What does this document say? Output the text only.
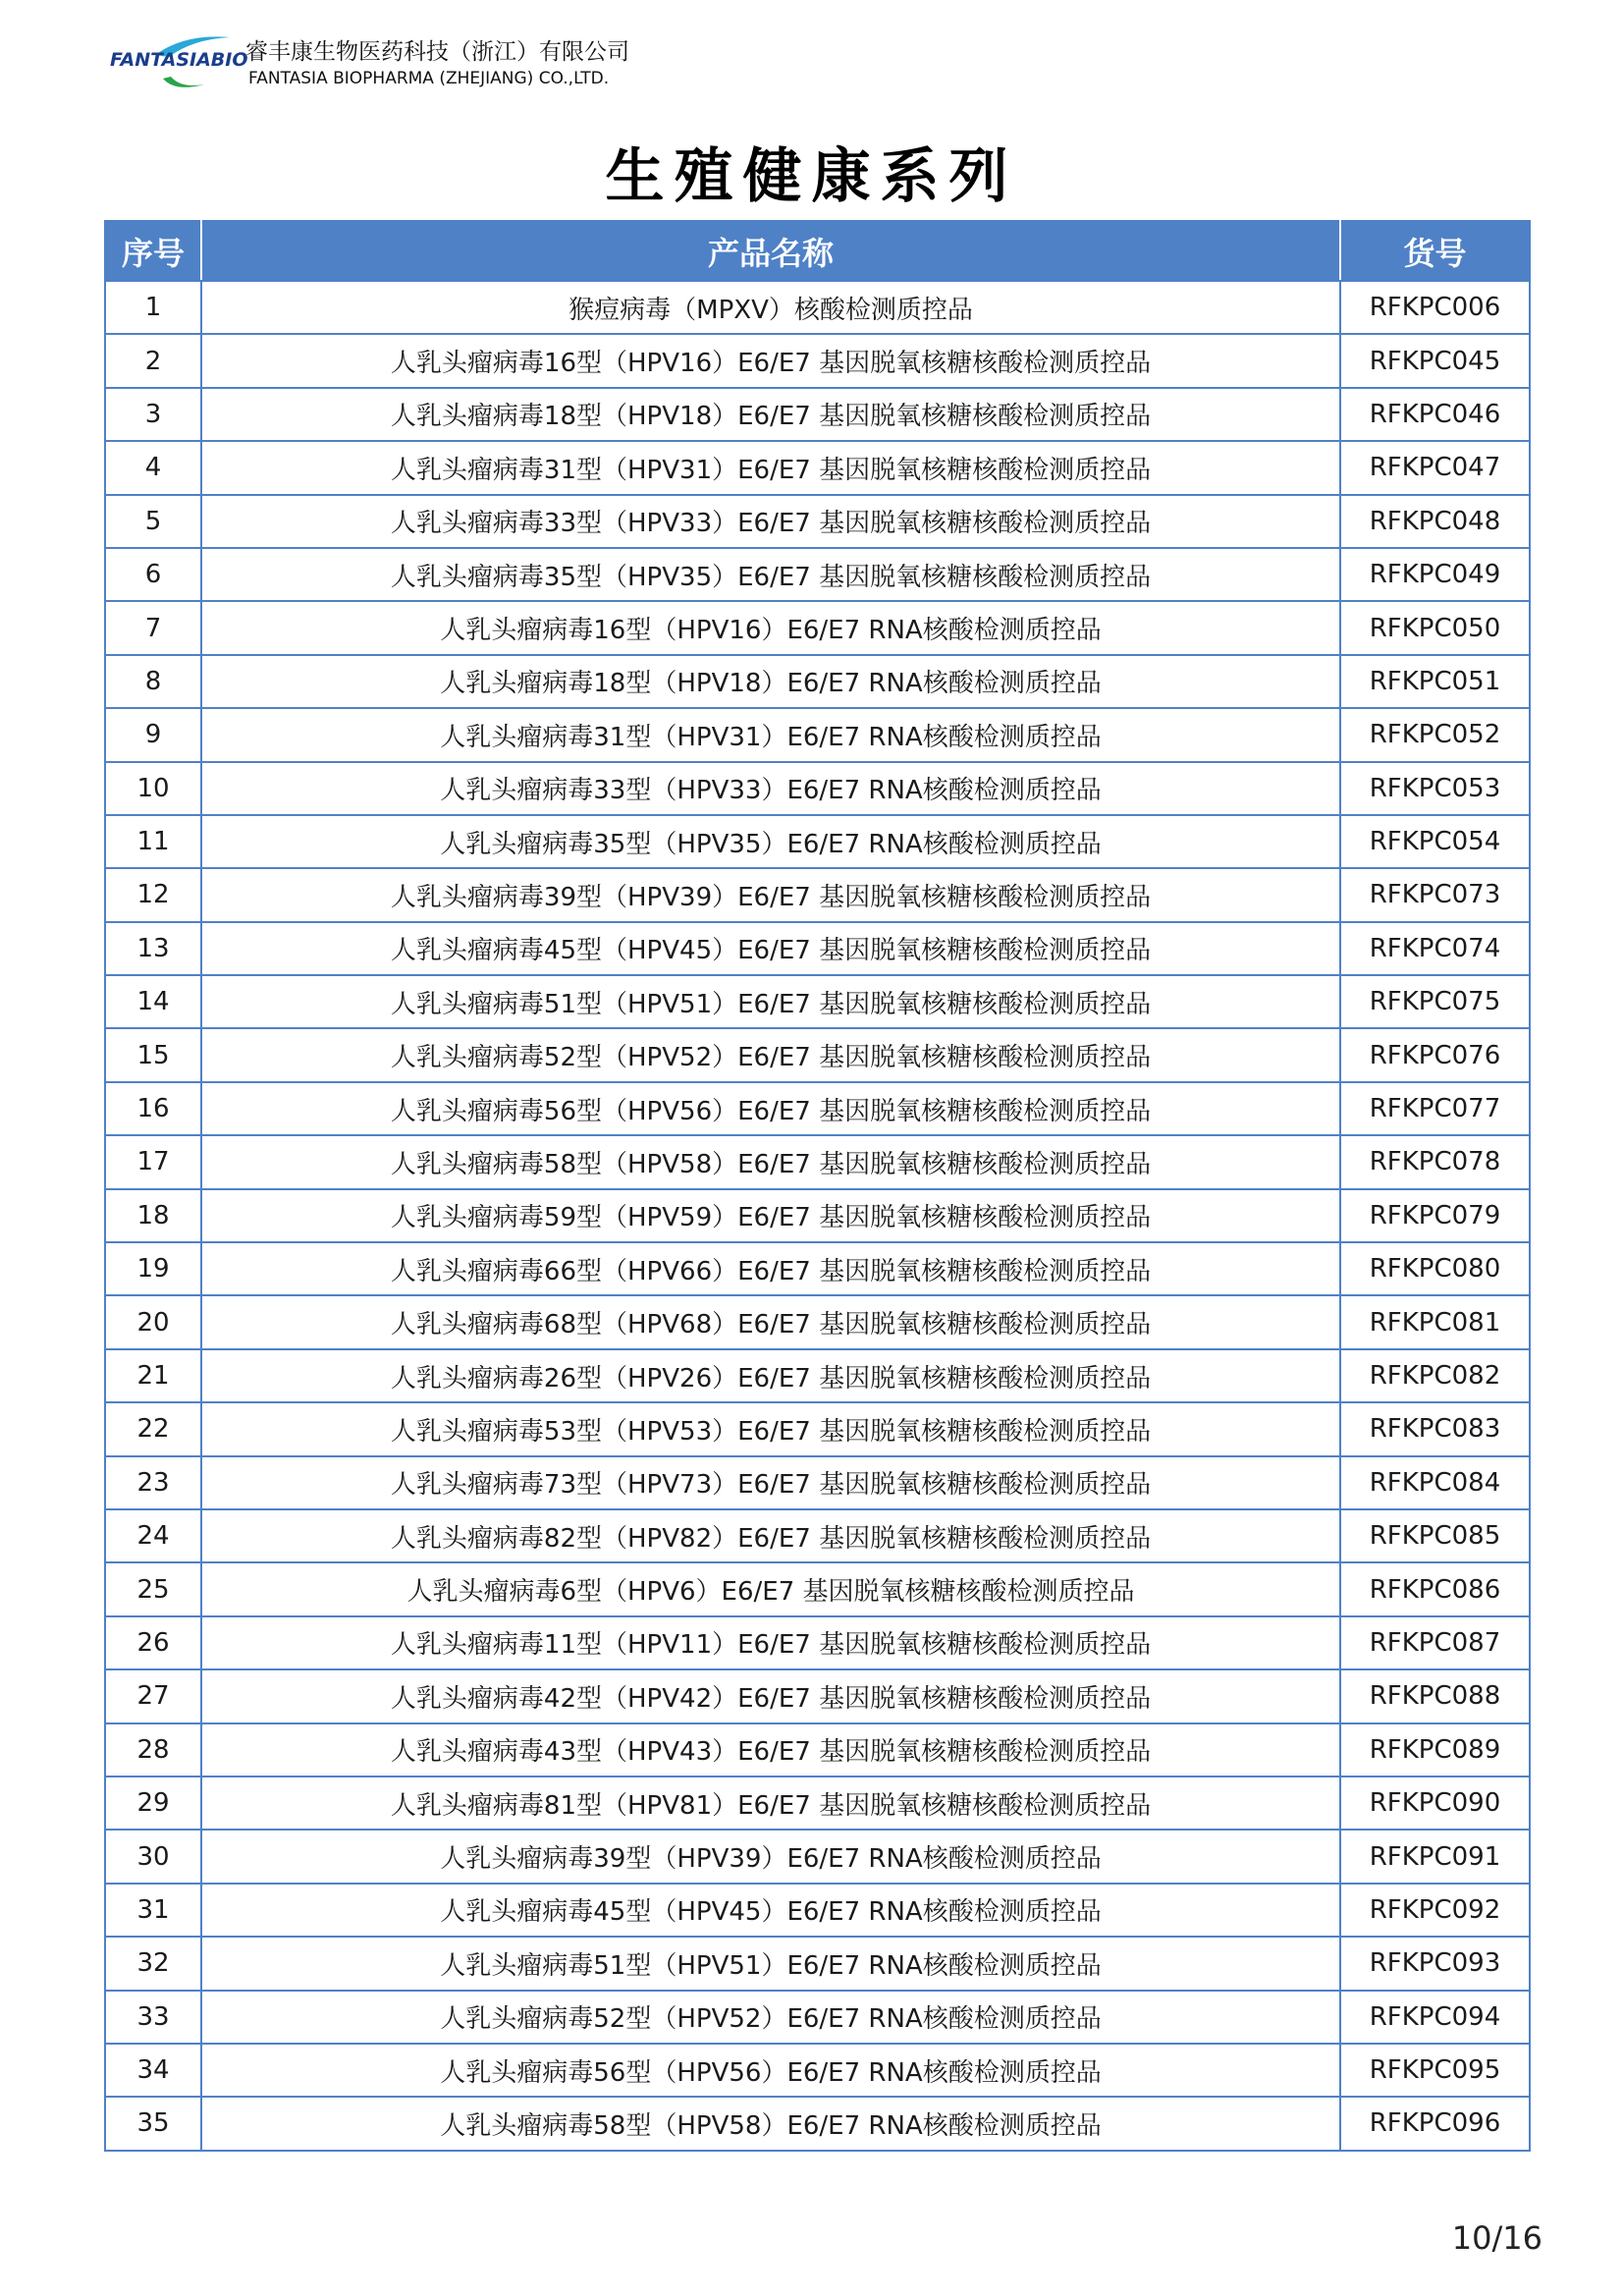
FANTASIABIO
睿丰康生物医药科技（浙江）有限公司
FANTASIA BIOPHARMA (ZHEJIANG) CO.,LTD.
生殖健康系列
序号	产品名称	货号
1	猴痘病毒（MPXV）核酸检测质控品	RFKPC006
2	人乳头瘤病毒16型（HPV16）E6/E7 基因脱氧核糖核酸检测质控品	RFKPC045
3	人乳头瘤病毒18型（HPV18）E6/E7 基因脱氧核糖核酸检测质控品	RFKPC046
4	人乳头瘤病毒31型（HPV31）E6/E7 基因脱氧核糖核酸检测质控品	RFKPC047
5	人乳头瘤病毒33型（HPV33）E6/E7 基因脱氧核糖核酸检测质控品	RFKPC048
6	人乳头瘤病毒35型（HPV35）E6/E7 基因脱氧核糖核酸检测质控品	RFKPC049
7	人乳头瘤病毒16型（HPV16）E6/E7 RNA核酸检测质控品	RFKPC050
8	人乳头瘤病毒18型（HPV18）E6/E7 RNA核酸检测质控品	RFKPC051
9	人乳头瘤病毒31型（HPV31）E6/E7 RNA核酸检测质控品	RFKPC052
10	人乳头瘤病毒33型（HPV33）E6/E7 RNA核酸检测质控品	RFKPC053
11	人乳头瘤病毒35型（HPV35）E6/E7 RNA核酸检测质控品	RFKPC054
12	人乳头瘤病毒39型（HPV39）E6/E7 基因脱氧核糖核酸检测质控品	RFKPC073
13	人乳头瘤病毒45型（HPV45）E6/E7 基因脱氧核糖核酸检测质控品	RFKPC074
14	人乳头瘤病毒51型（HPV51）E6/E7 基因脱氧核糖核酸检测质控品	RFKPC075
15	人乳头瘤病毒52型（HPV52）E6/E7 基因脱氧核糖核酸检测质控品	RFKPC076
16	人乳头瘤病毒56型（HPV56）E6/E7 基因脱氧核糖核酸检测质控品	RFKPC077
17	人乳头瘤病毒58型（HPV58）E6/E7 基因脱氧核糖核酸检测质控品	RFKPC078
18	人乳头瘤病毒59型（HPV59）E6/E7 基因脱氧核糖核酸检测质控品	RFKPC079
19	人乳头瘤病毒66型（HPV66）E6/E7 基因脱氧核糖核酸检测质控品	RFKPC080
20	人乳头瘤病毒68型（HPV68）E6/E7 基因脱氧核糖核酸检测质控品	RFKPC081
21	人乳头瘤病毒26型（HPV26）E6/E7 基因脱氧核糖核酸检测质控品	RFKPC082
22	人乳头瘤病毒53型（HPV53）E6/E7 基因脱氧核糖核酸检测质控品	RFKPC083
23	人乳头瘤病毒73型（HPV73）E6/E7 基因脱氧核糖核酸检测质控品	RFKPC084
24	人乳头瘤病毒82型（HPV82）E6/E7 基因脱氧核糖核酸检测质控品	RFKPC085
25	人乳头瘤病毒6型（HPV6）E6/E7 基因脱氧核糖核酸检测质控品	RFKPC086
26	人乳头瘤病毒11型（HPV11）E6/E7 基因脱氧核糖核酸检测质控品	RFKPC087
27	人乳头瘤病毒42型（HPV42）E6/E7 基因脱氧核糖核酸检测质控品	RFKPC088
28	人乳头瘤病毒43型（HPV43）E6/E7 基因脱氧核糖核酸检测质控品	RFKPC089
29	人乳头瘤病毒81型（HPV81）E6/E7 基因脱氧核糖核酸检测质控品	RFKPC090
30	人乳头瘤病毒39型（HPV39）E6/E7 RNA核酸检测质控品	RFKPC091
31	人乳头瘤病毒45型（HPV45）E6/E7 RNA核酸检测质控品	RFKPC092
32	人乳头瘤病毒51型（HPV51）E6/E7 RNA核酸检测质控品	RFKPC093
33	人乳头瘤病毒52型（HPV52）E6/E7 RNA核酸检测质控品	RFKPC094
34	人乳头瘤病毒56型（HPV56）E6/E7 RNA核酸检测质控品	RFKPC095
35	人乳头瘤病毒58型（HPV58）E6/E7 RNA核酸检测质控品	RFKPC096
10/16
